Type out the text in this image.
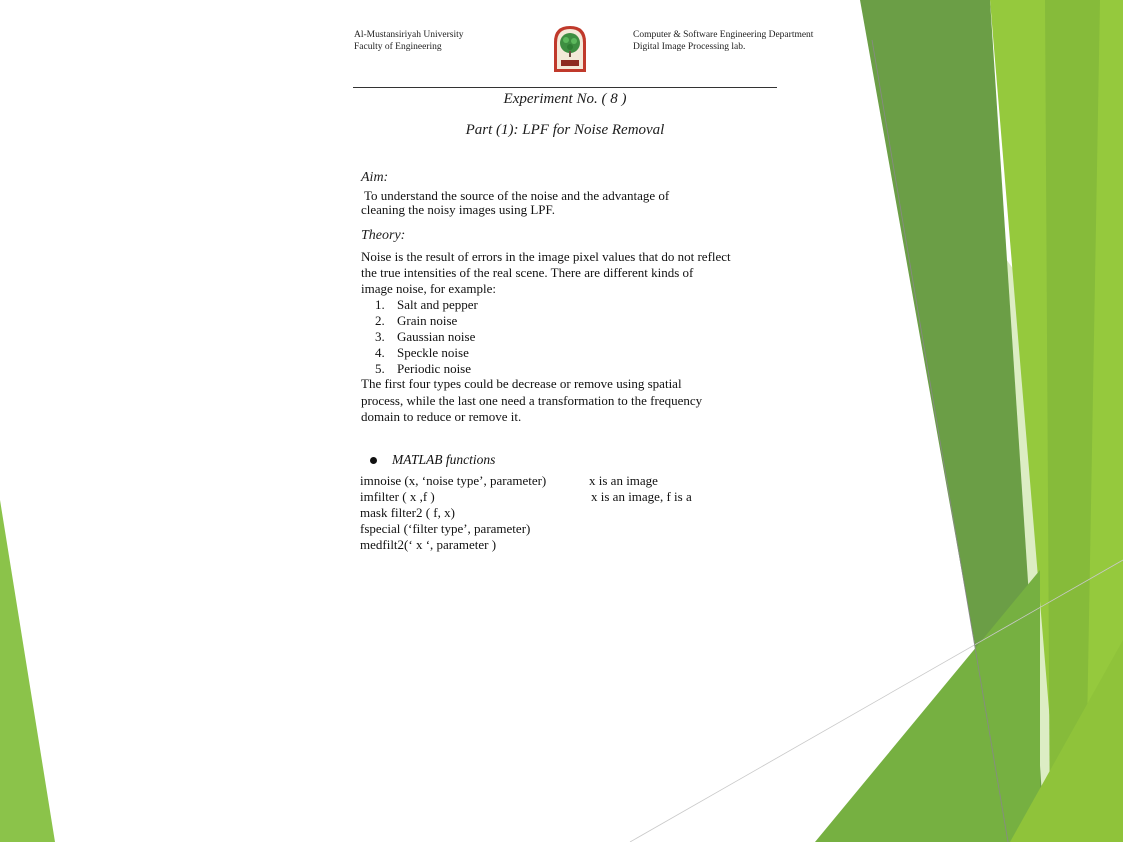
Al-Mustansiriyah University
Faculty of Engineering
Computer & Software Engineering Department
Digital Image Processing lab.
Experiment No. ( 8 )
Part (1): LPF for Noise Removal
Aim:
To understand the source of the noise and the advantage of
cleaning the noisy images using LPF.
Theory:
Noise is the result of errors in the image pixel values that do not reflect
the true intensities of the real scene. There are different kinds of
image noise, for example:
1. Salt and pepper
2. Grain noise
3. Gaussian noise
4. Speckle noise
5. Periodic noise
The first four types could be decrease or remove using spatial
process, while the last one need a transformation to the frequency
domain to reduce or remove it.
MATLAB functions
imnoise (x, ‘noise type’, parameter)
imfilter ( x ,f )
mask filter2 ( f, x)
fspecial (‘filter type’, parameter)
medfilt2(‘ x ‘, parameter )
x is an image
x is an image, f is a
